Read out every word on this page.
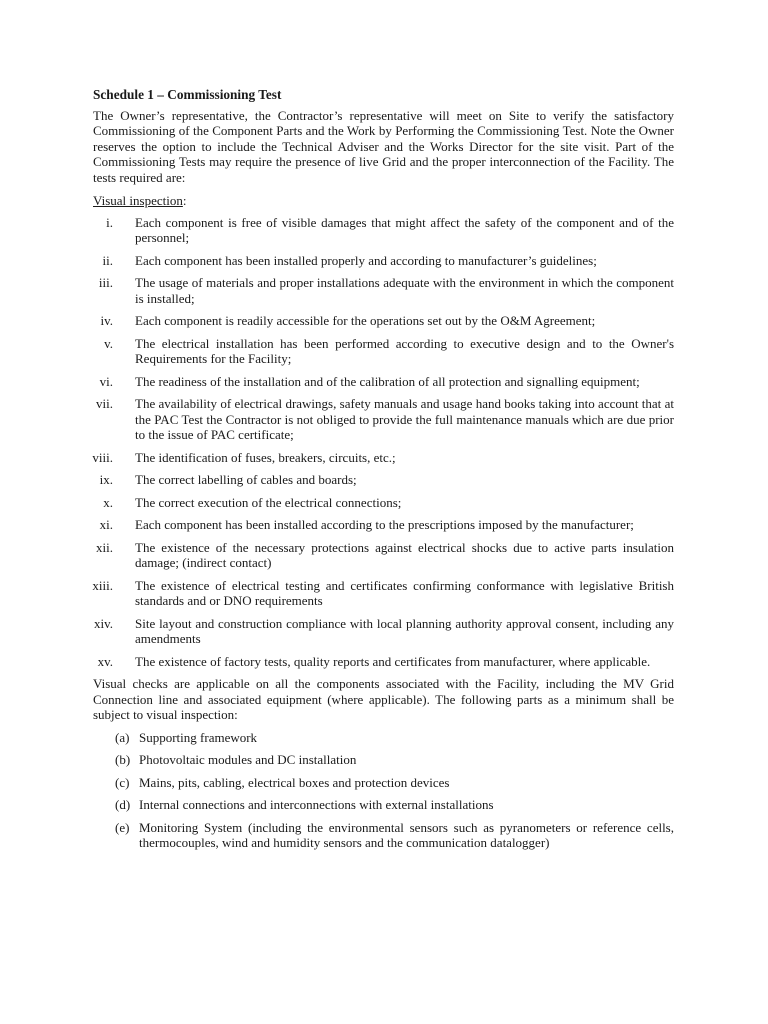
Schedule 1 – Commissioning Test

The Owner’s representative, the Contractor’s representative will meet on Site to verify the satisfactory Commissioning of the Component Parts and the Work by Performing the Commissioning Test. Note the Owner reserves the option to include the Technical Adviser and the Works Director for the site visit. Part of the Commissioning Tests may require the presence of live Grid and the proper interconnection of the Facility. The tests required are:

Visual inspection:
i.	Each component is free of visible damages that might affect the safety of the component and of the personnel;
ii.	Each component has been installed properly and according to manufacturer’s guidelines;
iii.	The usage of materials and proper installations adequate with the environment in which the component is installed;
iv.	Each component is readily accessible for the operations set out by the O&M Agreement;
v.	The electrical installation has been performed according to executive design and to the Owner's Requirements for the Facility;
vi.	The readiness of the installation and of the calibration of all protection and signalling equipment;
vii.	The availability of electrical drawings, safety manuals and usage hand books taking into account that at the PAC Test the Contractor is not obliged to provide the full maintenance manuals which are due prior to the issue of PAC certificate;
viii.	The identification of fuses, breakers, circuits, etc.;
ix.	The correct labelling of cables and boards;
x.	The correct execution of the electrical connections;
xi.	Each component has been installed according to the prescriptions imposed by the manufacturer;
xii.	The existence of the necessary protections against electrical shocks due to active parts insulation damage; (indirect contact)
xiii.	The existence of electrical testing and certificates confirming conformance with legislative British standards and or DNO requirements
xiv.	Site layout and construction compliance with local planning authority approval consent, including any amendments
xv.	The existence of factory tests, quality reports and certificates from manufacturer, where applicable.

Visual checks are applicable on all the components associated with the Facility, including the MV Grid Connection line and associated equipment (where applicable). The following parts as a minimum shall be subject to visual inspection:

(a) Supporting framework
(b) Photovoltaic modules and DC installation
(c) Mains, pits, cabling, electrical boxes and protection devices
(d) Internal connections and interconnections with external installations
(e) Monitoring System (including the environmental sensors such as pyranometers or reference cells, thermocouples, wind and humidity sensors and the communication datalogger)
